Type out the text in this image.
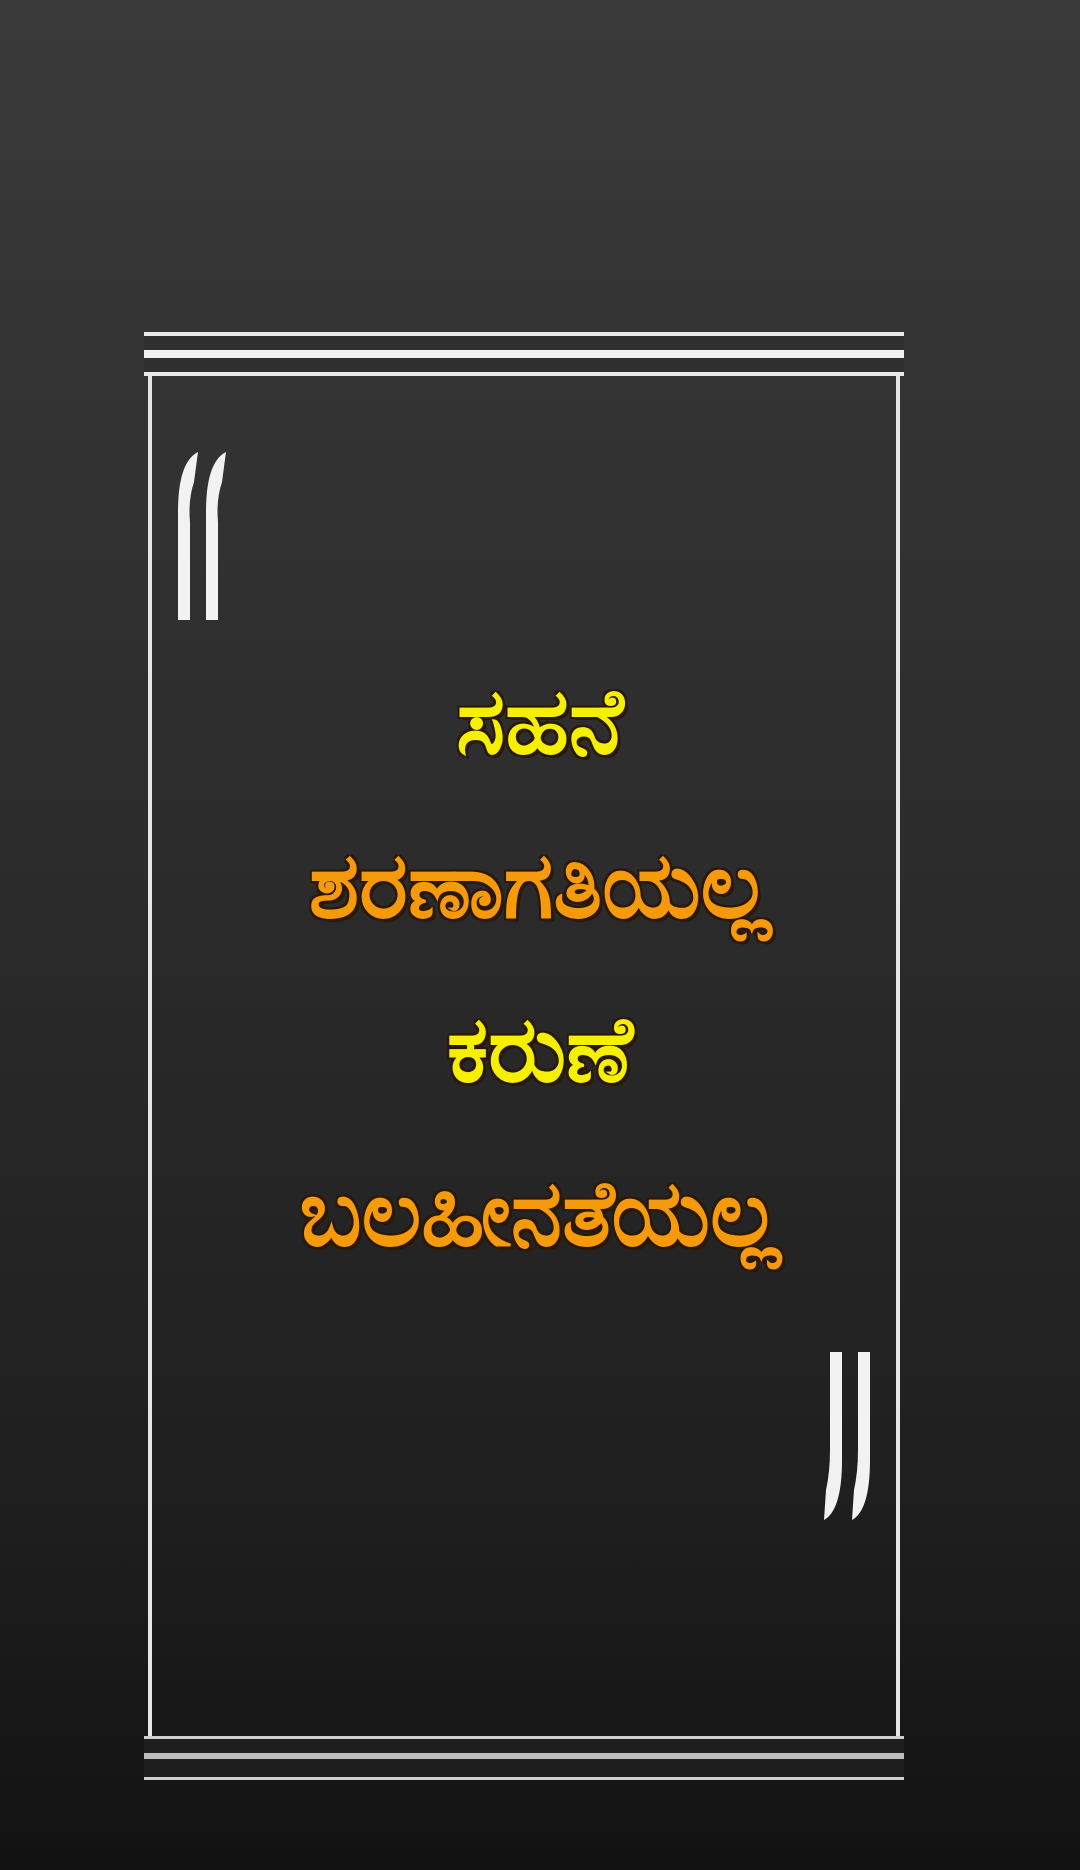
ಸಹನೆ
ಶರಣಾಗತಿಯಲ್ಲ
ಕರುಣೆ
ಬಲಹೀನತೆಯಲ್ಲ
